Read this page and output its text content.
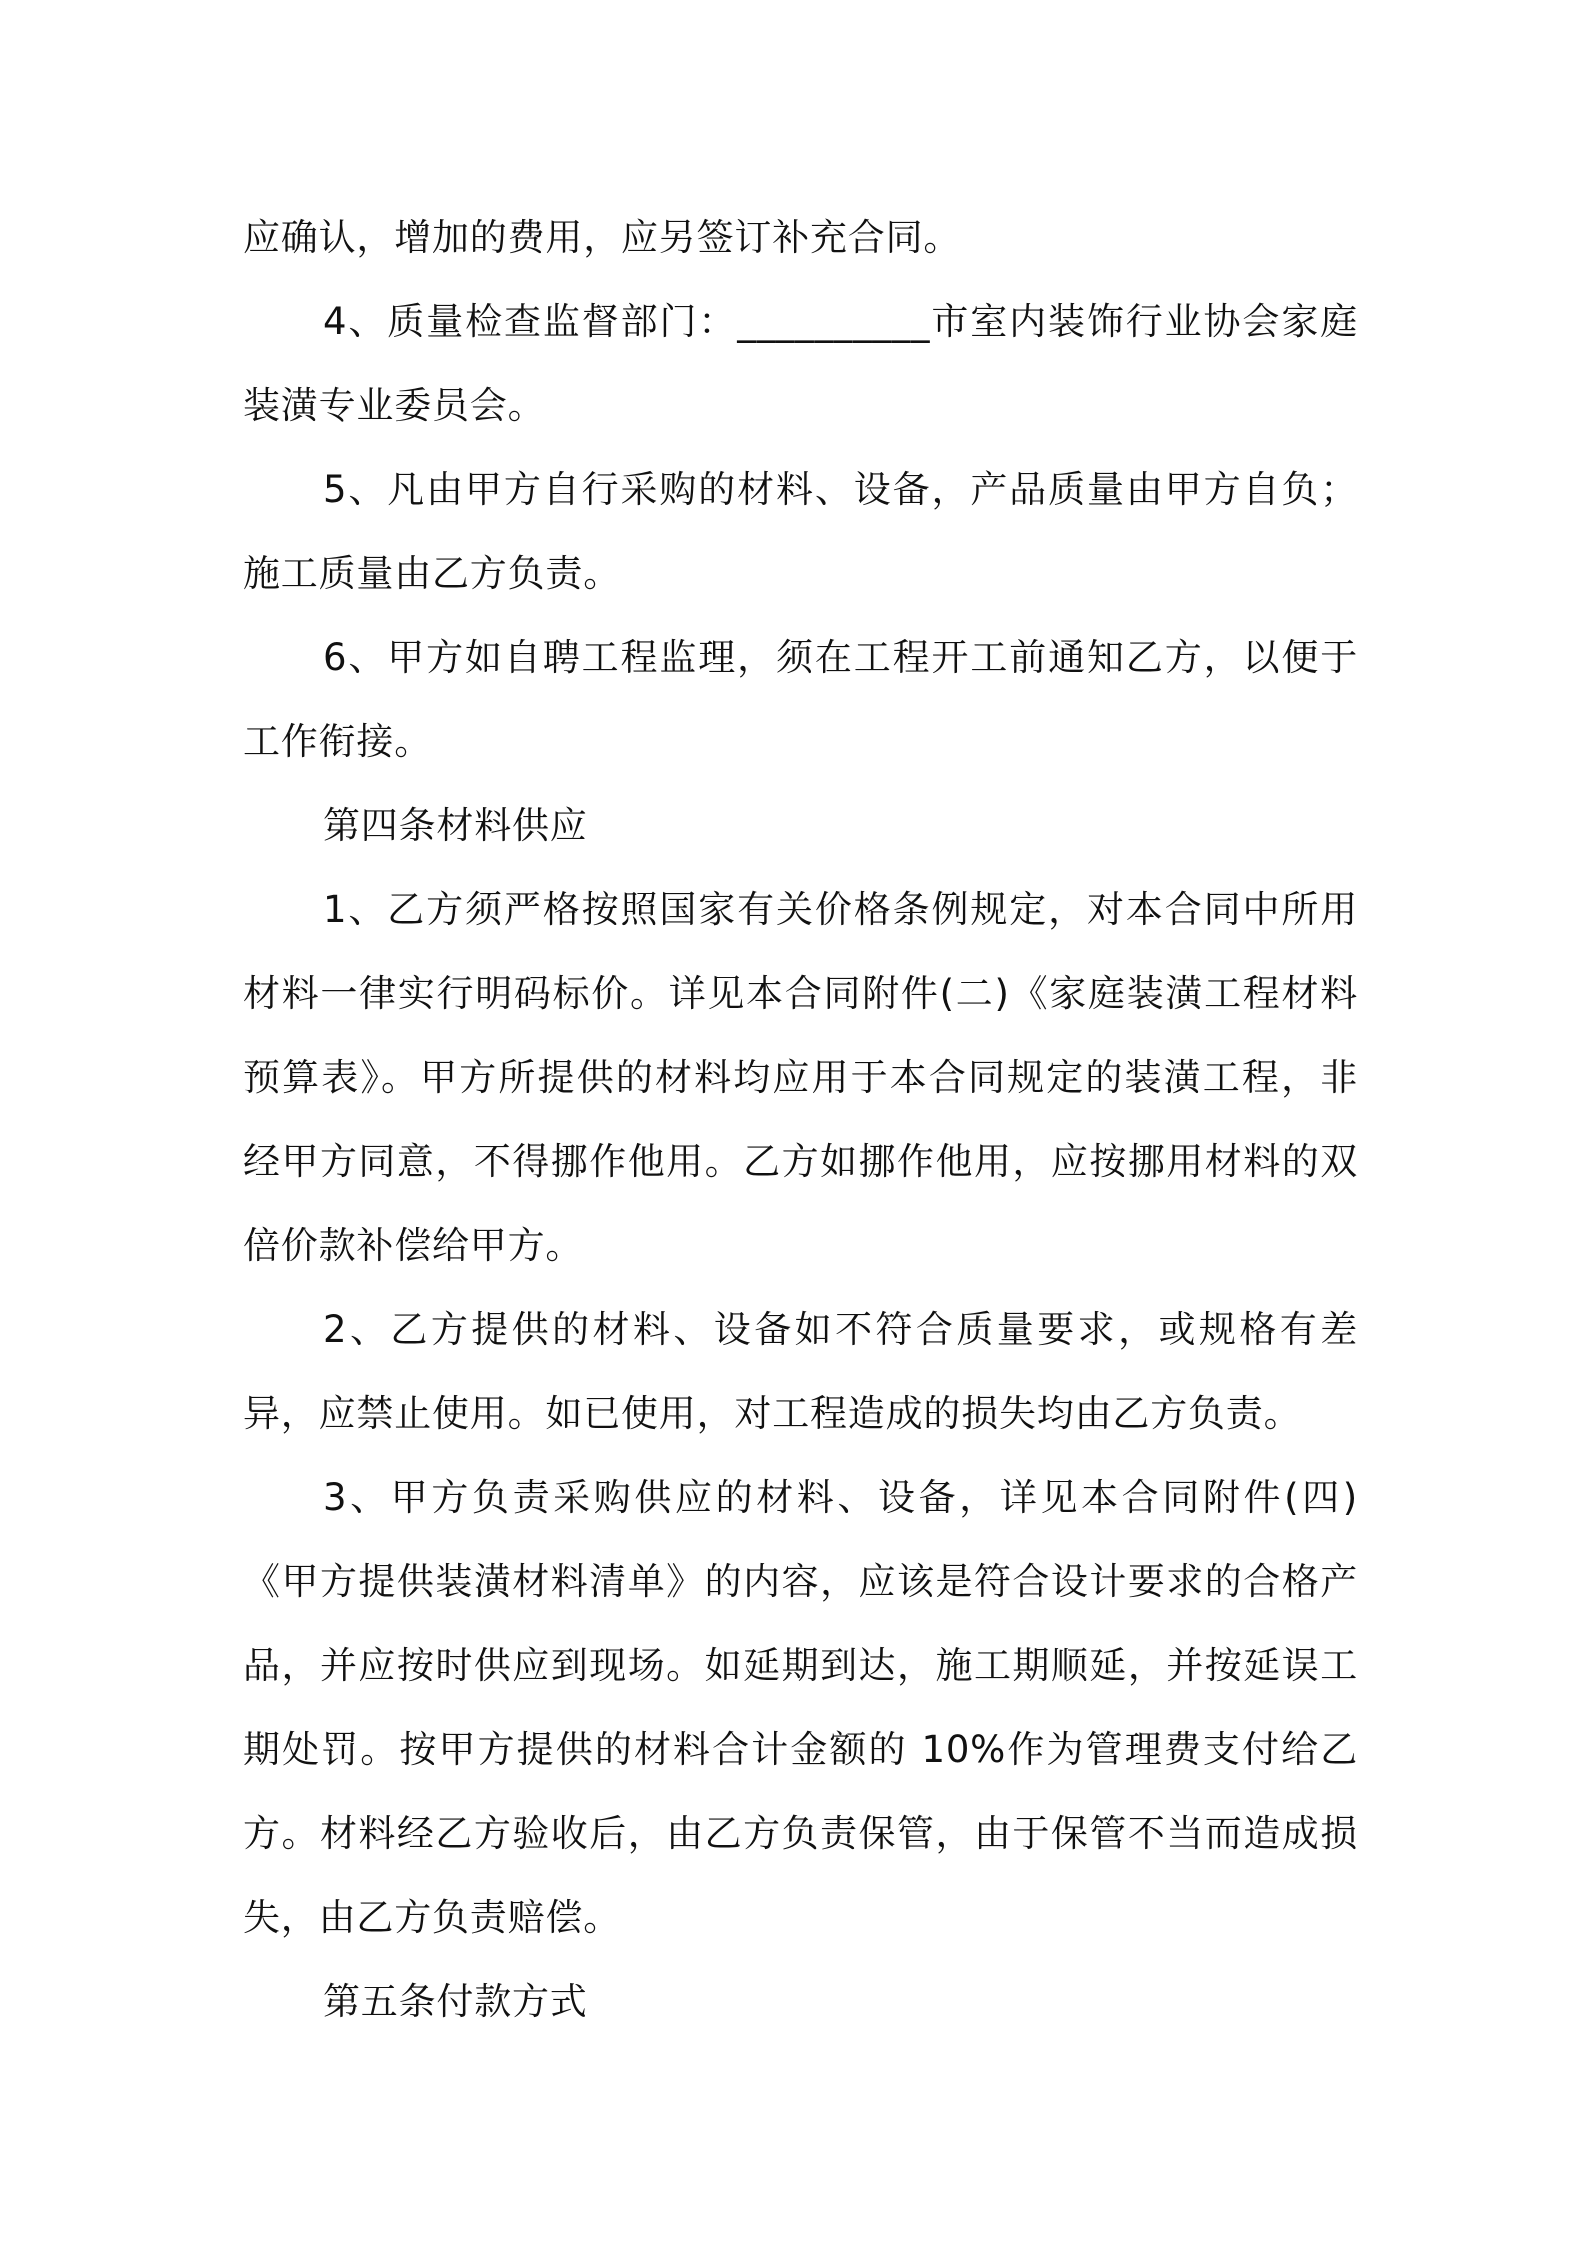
应确认，增加的费用，应另签订补充合同。

4、质量检查监督部门：__________市室内装饰行业协会家庭装潢专业委员会。

5、凡由甲方自行采购的材料、设备，产品质量由甲方自负；施工质量由乙方负责。

6、甲方如自聘工程监理，须在工程开工前通知乙方，以便于工作衔接。

第四条材料供应

1、乙方须严格按照国家有关价格条例规定，对本合同中所用材料一律实行明码标价。详见本合同附件(二)《家庭装潢工程材料预算表》。甲方所提供的材料均应用于本合同规定的装潢工程，非经甲方同意，不得挪作他用。乙方如挪作他用，应按挪用材料的双倍价款补偿给甲方。

2、乙方提供的材料、设备如不符合质量要求，或规格有差异，应禁止使用。如已使用，对工程造成的损失均由乙方负责。

3、甲方负责采购供应的材料、设备，详见本合同附件(四)《甲方提供装潢材料清单》的内容，应该是符合设计要求的合格产品，并应按时供应到现场。如延期到达，施工期顺延，并按延误工期处罚。按甲方提供的材料合计金额的 10%作为管理费支付给乙方。材料经乙方验收后，由乙方负责保管，由于保管不当而造成损失，由乙方负责赔偿。

第五条付款方式
